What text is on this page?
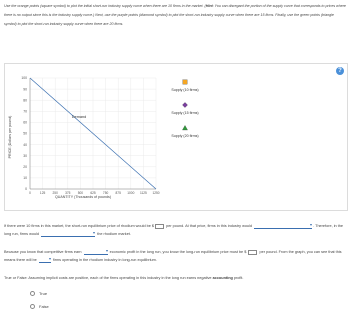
Use the orange points (square symbol) to plot the initial short-run industry supply curve when there are 10 firms in the market. (Hint: You can disregard the portion of the supply curve that corresponds to prices where there is no output since this is the industry supply curve.) Next, use the purple points (diamond symbol) to plot the short-run industry supply curve when there are 15 firms. Finally, use the green points (triangle symbol) to plot the short-run industry supply curve when there are 20 firms.
?
0
10
20
30
40
50
60
70
80
90
100
0	125 250 375 500 625 750 875 1000 1125 1250
Demand
Supply (10 firms)
Supply (15 firms)
Supply (20 firms)
PRICE (Dollars per pound)
QUANTITY (Thousands of pounds)
If there were 10 firms in this market, the short-run equilibrium price of rhodium would be $	per pound. At that price, firms in this industry would	. Therefore, in the long run, firms would	the rhodium market.
Because you know that competitive firms earn	economic profit in the long run, you know the long-run equilibrium price must be $	per pound. From the graph, you can see that this means there will be	firms operating in the rhodium industry in long-run equilibrium.
True or False: Assuming implicit costs are positive, each of the firms operating in this industry in the long run earns negative accounting profit.
True
False
